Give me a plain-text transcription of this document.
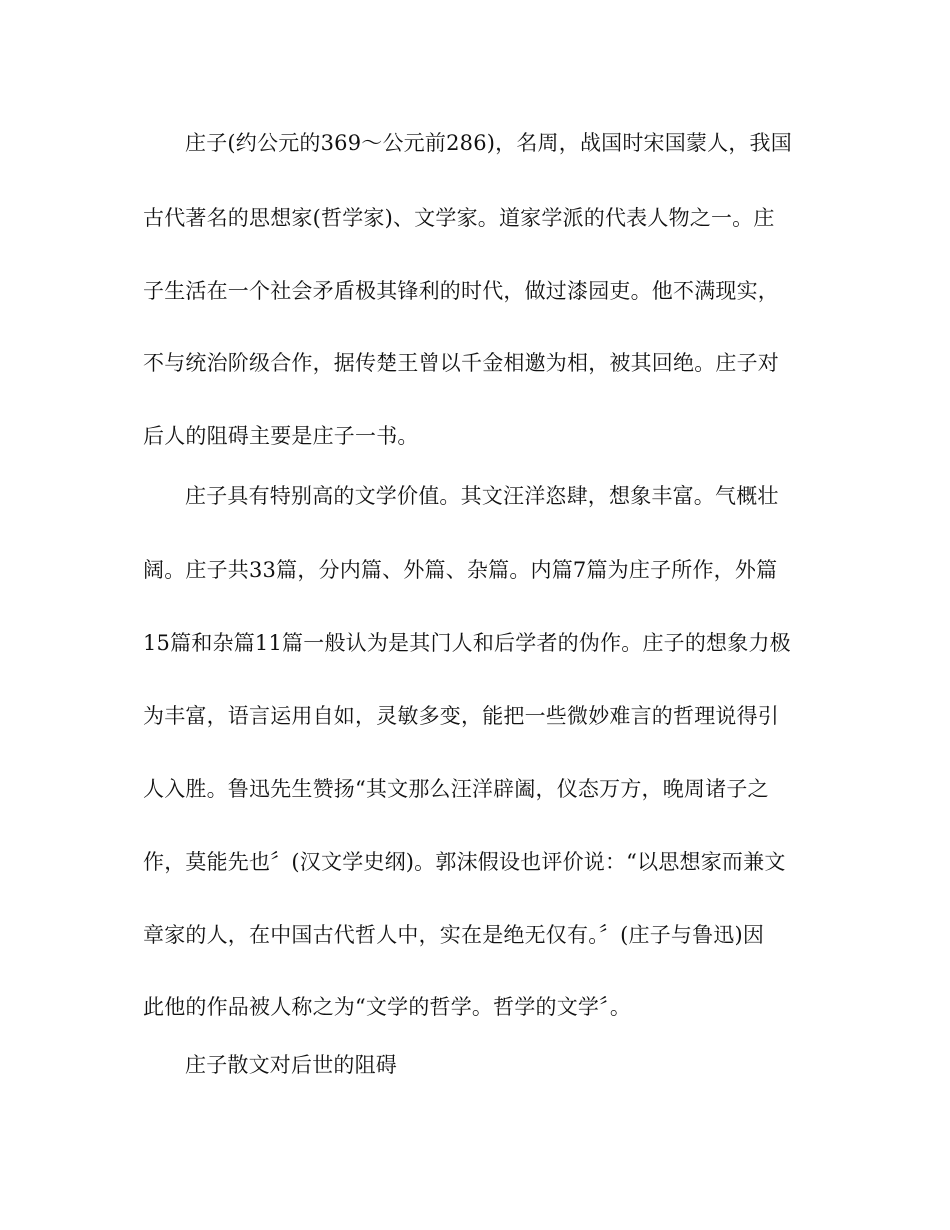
庄子(约公元的369～公元前286)，名周，战国时宋国蒙人，我国
古代著名的思想家(哲学家)、文学家。道家学派的代表人物之一。庄
子生活在一个社会矛盾极其锋利的时代，做过漆园吏。他不满现实，
不与统治阶级合作，据传楚王曾以千金相邀为相，被其回绝。庄子对
后人的阻碍主要是庄子一书。
庄子具有特别高的文学价值。其文汪洋恣肆，想象丰富。气概壮
阔。庄子共33篇，分内篇、外篇、杂篇。内篇7篇为庄子所作，外篇
15篇和杂篇11篇一般认为是其门人和后学者的伪作。庄子的想象力极
为丰富，语言运用自如，灵敏多变，能把一些微妙难言的哲理说得引
人入胜。鲁迅先生赞扬“其文那么汪洋辟阖，仪态万方，晚周诸子之
作，莫能先也〞(汉文学史纲)。郭沫假设也评价说：“以思想家而兼文
章家的人，在中国古代哲人中，实在是绝无仅有。〞(庄子与鲁迅)因
此他的作品被人称之为“文学的哲学。哲学的文学〞。
庄子散文对后世的阻碍
